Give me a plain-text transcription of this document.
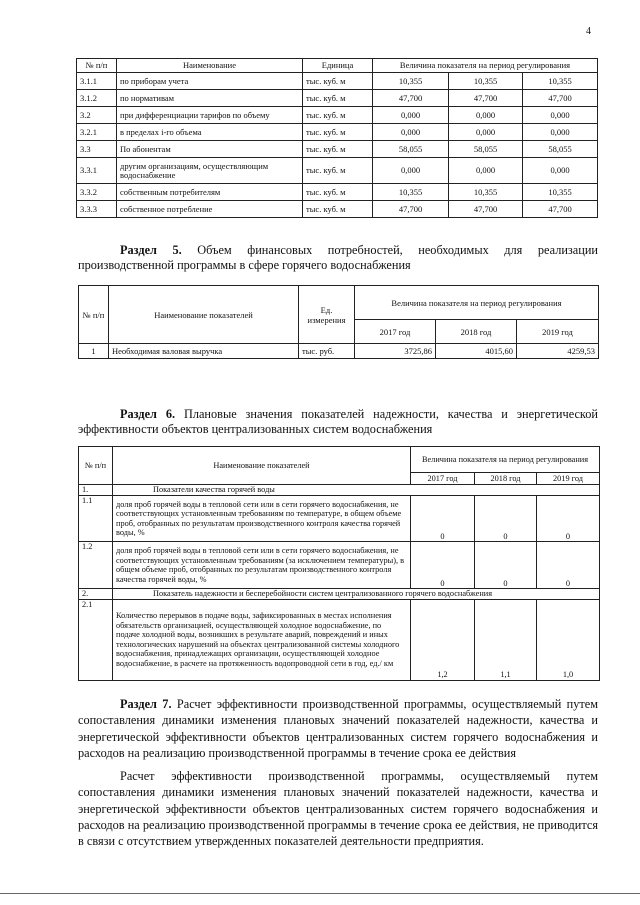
4
№ п/п	Наименование	Единица	Величина показателя на период регулирования		
3.1.1	по приборам учета	тыс. куб. м	10,355	10,355	10,355
3.1.2	по нормативам	тыс. куб. м	47,700	47,700	47,700
3.2	при дифференциации тарифов по объему	тыс. куб. м	0,000	0,000	0,000
3.2.1	в пределах i-го объема	тыс. куб. м	0,000	0,000	0,000
3.3	По абонентам	тыс. куб. м	58,055	58,055	58,055
3.3.1	другим организациям, осуществляющим водоснабжение	тыс. куб. м	0,000	0,000	0,000
3.3.2	собственным потребителям	тыс. куб. м	10,355	10,355	10,355
3.3.3	собственное потребление	тыс. куб. м	47,700	47,700	47,700
Раздел 5. Объем финансовых потребностей, необходимых для реализации производственной программы в сфере горячего водоснабжения
№ п/п	Наименование показателей	Ед. измерения	Величина показателя на период регулирования		
			2017 год	2018 год	2019 год
1	Необходимая валовая выручка	тыс. руб.	3725,86	4015,60	4259,53
Раздел 6. Плановые значения показателей надежности, качества и энергетической эффективности объектов централизованных систем водоснабжения
№ п/п	Наименование показателей	Величина показателя на период регулирования		
		2017 год	2018 год	2019 год
1.	Показатели качества горячей воды			
1.1	доля проб горячей воды в тепловой сети или в сети горячего водоснабжения, не соответствующих установленным требованиям по температуре, в общем объеме проб, отобранных по результатам производственного контроля качества горячей воды, %	0	0	0
1.2	доля проб горячей воды в тепловой сети или в сети горячего водоснабжения, не соответствующих установленным требованиям (за исключением температуры), в общем объеме проб, отобранных по результатам производственного контроля качества горячей воды, %	0	0	0
2.	Показатель надежности и бесперебойности систем централизованного горячего водоснабжения			
2.1	Количество перерывов в подаче воды, зафиксированных в местах исполнения обязательств организацией, осуществляющей холодное водоснабжение, по подаче холодной воды, возникших в результате аварий, повреждений и иных технологических нарушений на объектах централизованной системы холодного водоснабжения, принадлежащих организации, осуществляющей холодное водоснабжение, в расчете на протяженность водопроводной сети в год, ед./ км	1,2	1,1	1,0

Раздел 7. Расчет эффективности производственной программы, осуществляемый путем сопоставления динамики изменения плановых значений показателей надежности, качества и энергетической эффективности объектов централизованных систем горячего водоснабжения и расходов на реализацию производственной программы в течение срока ее действия

Расчет эффективности производственной программы, осуществляемый путем сопоставления динамики изменения плановых значений показателей надежности, качества и энергетической эффективности объектов централизованных систем горячего водоснабжения и расходов на реализацию производственной программы в течение срока ее действия, не приводится в связи с отсутствием утвержденных показателей деятельности предприятия.
